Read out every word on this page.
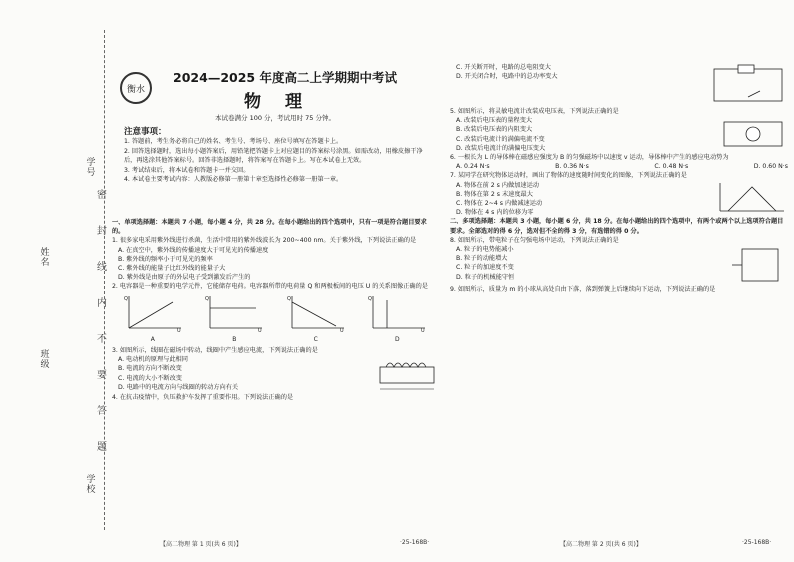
学号
姓名
班级
学校
密
封
线
内
不
要
答
题
衡水
2024—2025 年度高二上学期期中考试
物理
本试卷满分 100 分，考试用时 75 分钟。
注意事项：

1. 答题前，考生务必将自己的姓名、考生号、考场号、座位号填写在答题卡上。

2. 回答选择题时，选出每小题答案后，用铅笔把答题卡上对应题目的答案标号涂黑。如需改动，用橡皮擦干净后，再选涂其他答案标号。回答非选择题时，将答案写在答题卡上。写在本试卷上无效。

3. 考试结束后，将本试卷和答题卡一并交回。

4. 本试卷主要考试内容：人教版必修第一册第十章至选择性必修第一册第一章。

一、单项选择题：本题共 7 小题，每小题 4 分，共 28 分。在每小题给出的四个选项中，只有一项是符合题目要求的。

1. 很多家电采用紫外线进行杀菌，生活中常用的紫外线波长为 200~400 nm。关于紫外线，下列说法正确的是

A. 在真空中，紫外线的传播速度大于可见光的传播速度

B. 紫外线的频率小于可见光的频率

C. 紫外线的能量子比红外线的能量子大

D. 紫外线是由原子的外层电子受到激发后产生的

2. 电容器是一种重要的电学元件，它能储存电荷。电容器所带的电荷量 Q 和两极板间的电压 U 的关系图像正确的是

Q
U
A
Q
U
B
Q
U
C
Q
U
D

3. 如图所示，线圈在磁场中转动，线圈中产生感应电流，下列说法正确的是

A. 电动机的原理与此相同

B. 电流的方向不断改变

C. 电流的大小不断改变

D. 电路中的电流方向与线圈的转动方向有关

4. 在抗击疫情中，负压救护车发挥了重要作用。下列说法正确的是

C. 开关断开时，电路的总电阻变大

D. 开关闭合时，电路中的总功率变大

5. 如图所示，将灵敏电流计改装成电压表，下列说法正确的是

A. 改装后电压表的量程变大

B. 改装后电压表的内阻变大

C. 改装后电流计的满偏电流不变

D. 改装后电流计的满偏电压变大

6. 一根长为 L 的导体棒在磁感应强度为 B 的匀强磁场中以速度 v 运动，导体棒中产生的感应电动势为

A. 0.24 N·s	B. 0.36 N·s	C. 0.48 N·s	D. 0.60 N·s

7. 某同学在研究物体运动时，画出了物体的速度随时间变化的图像，下列说法正确的是

A. 物体在前 2 s 内做加速运动

B. 物体在第 2 s 末速度最大

C. 物体在 2~4 s 内做减速运动

D. 物体在 4 s 内的位移为零

二、多项选择题：本题共 3 小题，每小题 6 分，共 18 分。在每小题给出的四个选项中，有两个或两个以上选项符合题目要求。全部选对的得 6 分，选对但不全的得 3 分，有选错的得 0 分。

8. 如图所示，带电粒子在匀强电场中运动，下列说法正确的是

A. 粒子的电势能减小

B. 粒子的动能增大

C. 粒子的加速度不变

D. 粒子的机械能守恒

9. 如图所示，质量为 m 的小球从高处自由下落，落到弹簧上后继续向下运动，下列说法正确的是

【高二物理 第 1 页(共 6 页)】	·25-168B·	【高二物理 第 2 页(共 6 页)】	·25-168B·
